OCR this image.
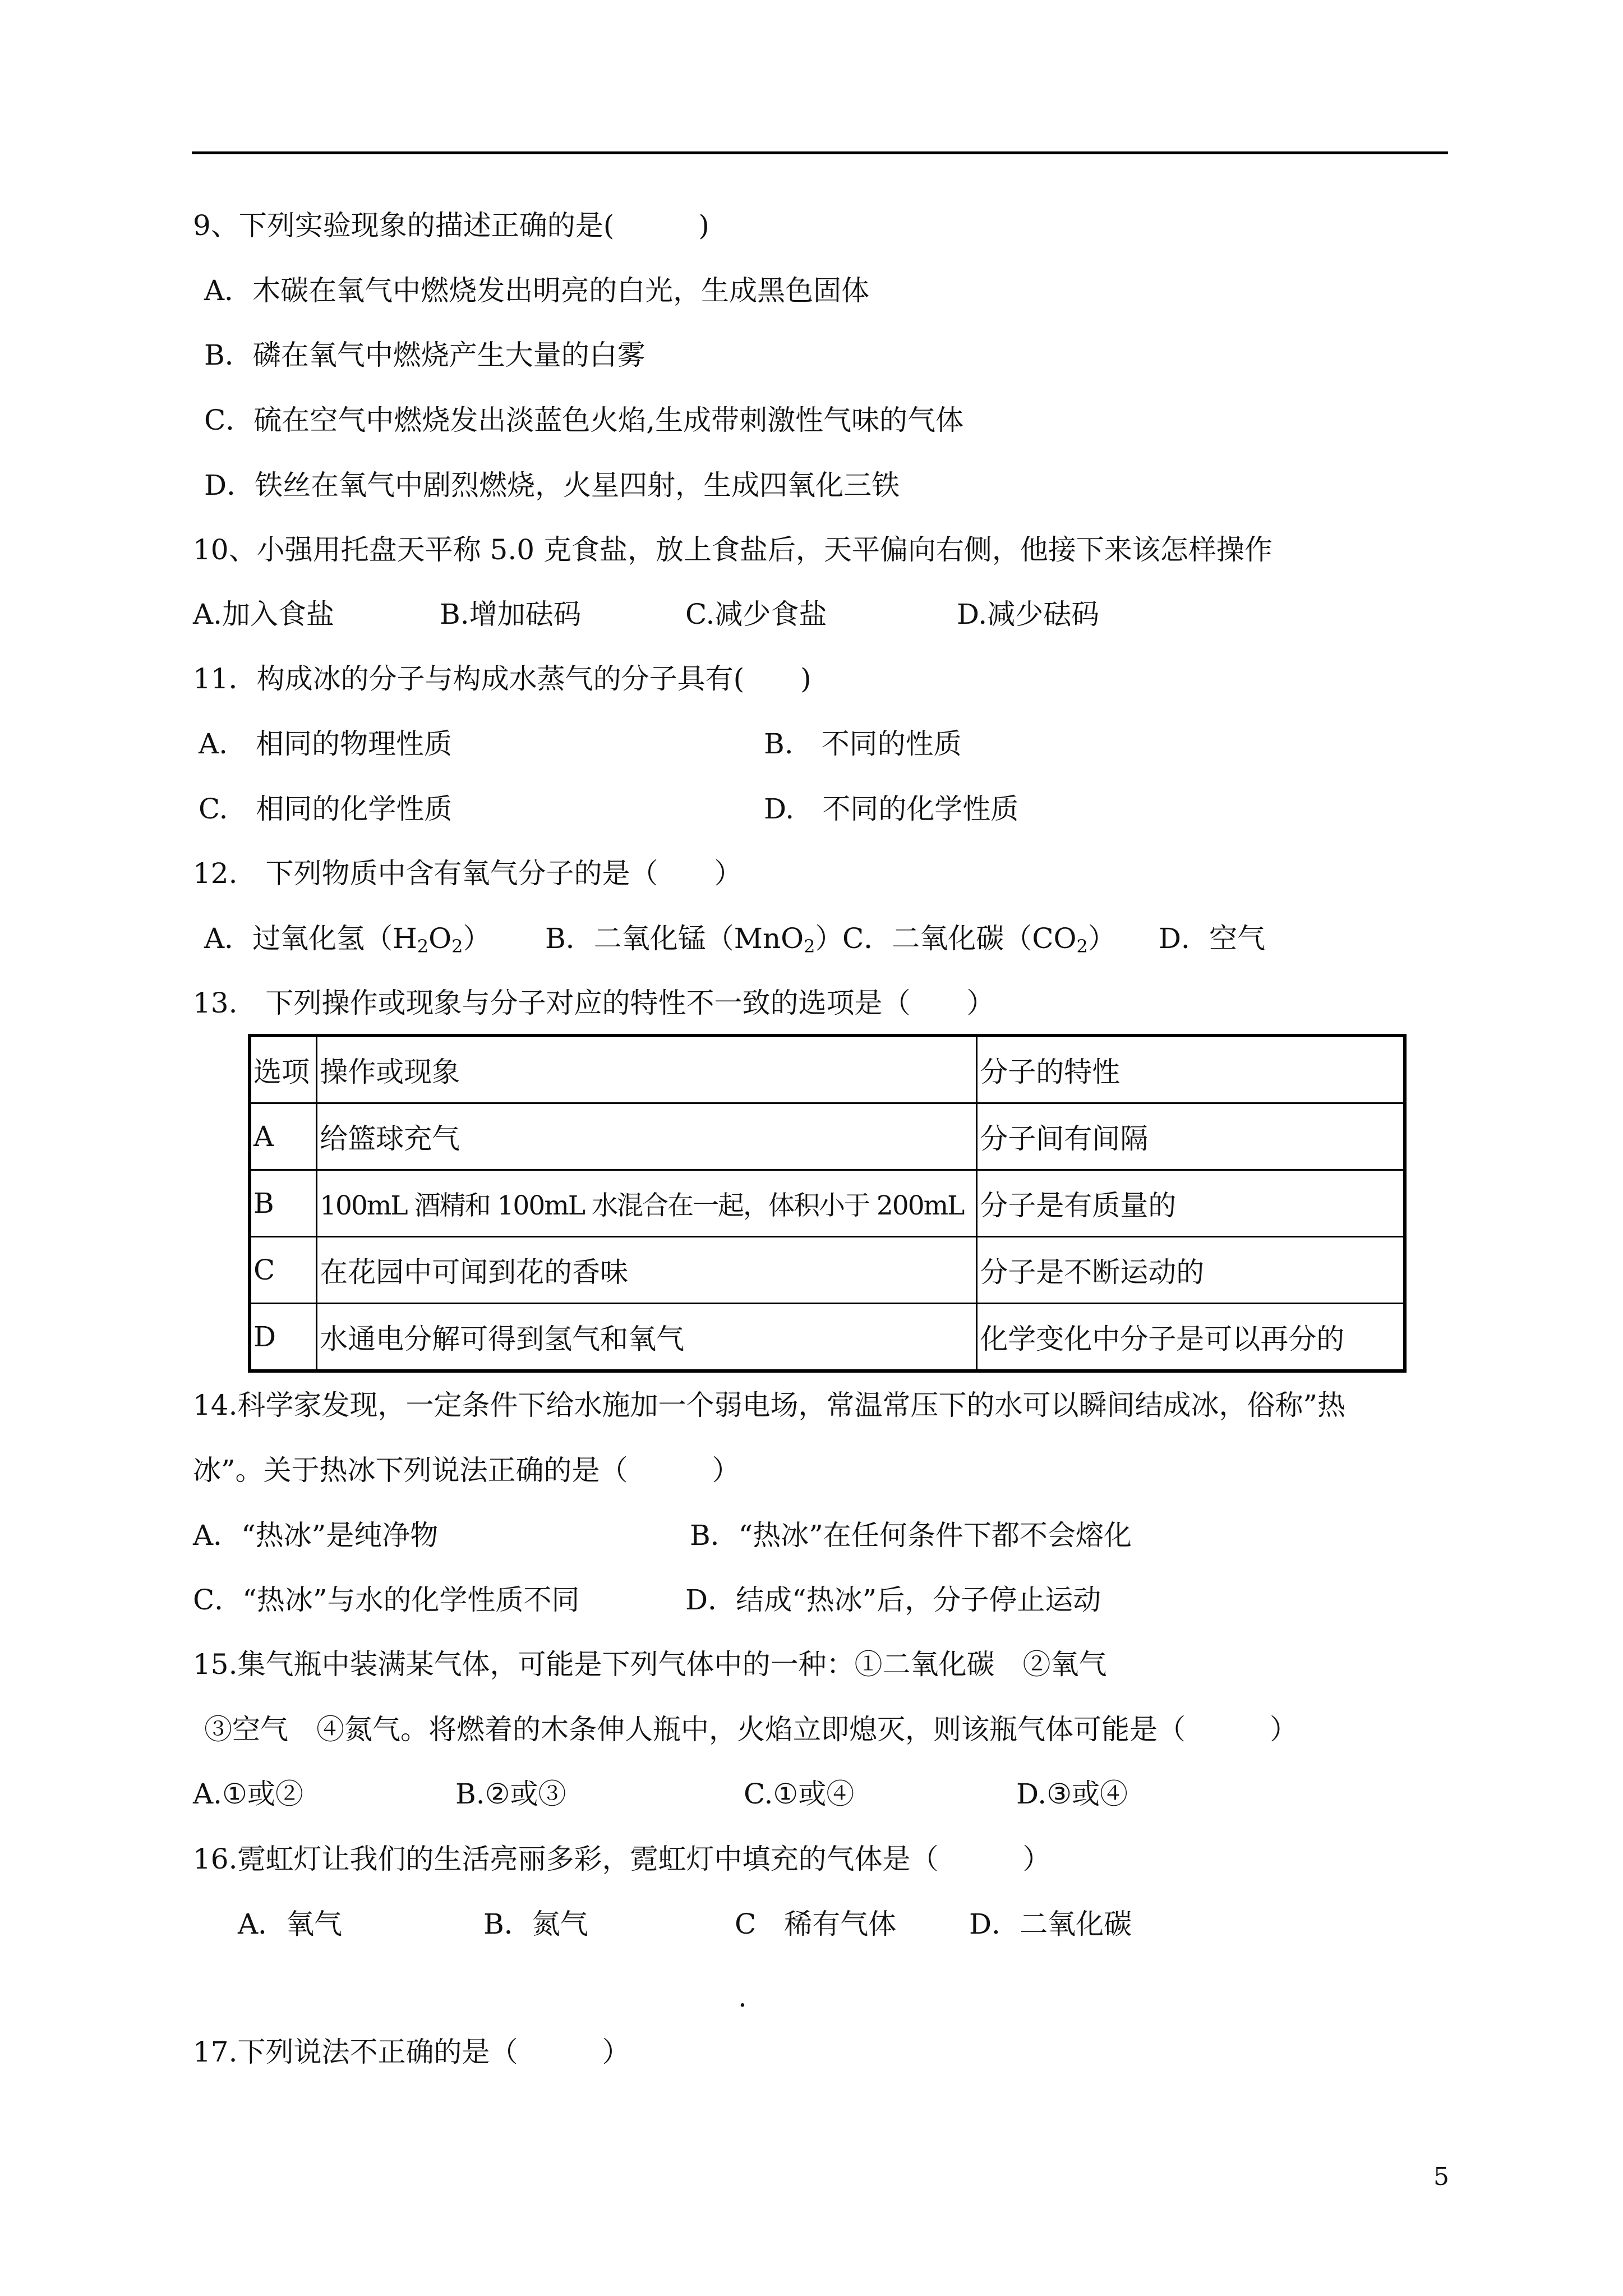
9、下列实验现象的描述正确的是(　　　)
A．木碳在氧气中燃烧发出明亮的白光，生成黑色固体
B．磷在氧气中燃烧产生大量的白雾
C．硫在空气中燃烧发出淡蓝色火焰,生成带刺激性气味的气体
D．铁丝在氧气中剧烈燃烧，火星四射，生成四氧化三铁
10、小强用托盘天平称 5.0 克食盐，放上食盐后，天平偏向右侧，他接下来该怎样操作
A.加入食盐	B.增加砝码	C.减少食盐	D.减少砝码
11．构成冰的分子与构成水蒸气的分子具有(　　)
A.　相同的物理性质	B.　不同的性质
C.　相同的化学性质	D.　不同的化学性质
12.　下列物质中含有氧气分子的是（　　）
A．过氧化氢$(H_2O_2)$ B．二氧化锰（MnO$_2$）
C．二氧化碳$(CO_2)$ D．空气
13.　下列操作或现象与分子对应的特性不一致的选项是（　　）
选项	操作或现象	分子的特性
A	给篮球充气	分子间有间隔
B	100mL 酒精和 100mL 水混合在一起，体积小于 200mL	分子是有质量的
C	在花园中可闻到花的香味	分子是不断运动的
D	水通电分解可得到氢气和氧气	化学变化中分子是可以再分的
14.科学家发现，一定条件下给水施加一个弱电场，常温常压下的水可以瞬间结成冰，俗称”热
冰”。关于热冰下列说法正确的是（　　　）
A．“热冰”是纯净物	B．“热冰”在任何条件下都不会熔化
C．“热冰”与水的化学性质不同	D．结成“热冰”后，分子停止运动
15.集气瓶中装满某气体，可能是下列气体中的一种：①二氧化碳　②氧气
③空气　④氮气。将燃着的木条伸人瓶中，火焰立即熄灭，则该瓶气体可能是（　　　）
A.①或②	B.②或③	C.①或④	D.③或④
16.霓虹灯让我们的生活亮丽多彩，霓虹灯中填充的气体是（　　　）
A．氧气	B．氮气	C　稀有气体	D．二氧化碳
.
17.下列说法不正确的是（　　　）
5
